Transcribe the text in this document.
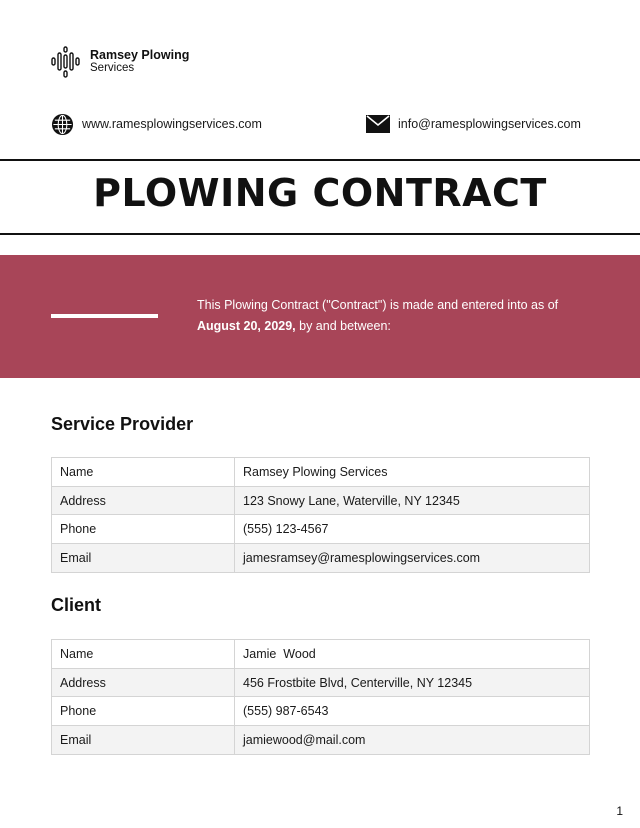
Ramsey Plowing
Services
www.ramesplowingservices.com	info@ramesplowingservices.com
PLOWING CONTRACT
This Plowing Contract ("Contract") is made and entered into as of August 20, 2029, by and between:
Service Provider
Name	Ramsey Plowing Services
Address	123 Snowy Lane, Waterville, NY 12345
Phone	(555) 123-4567
Email	jamesramsey@ramesplowingservices.com
Client
Name	Jamie  Wood
Address	456 Frostbite Blvd, Centerville, NY 12345
Phone	(555) 987-6543
Email	jamiewood@mail.com
1
